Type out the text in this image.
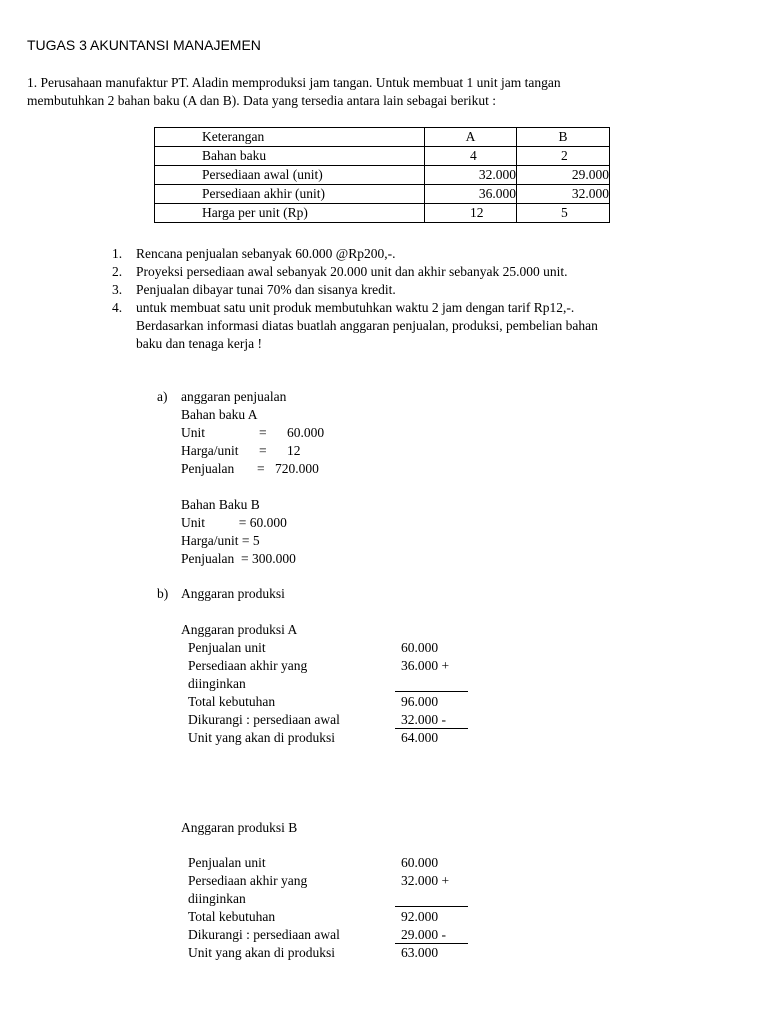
TUGAS 3 AKUNTANSI MANAJEMEN
1. Perusahaan manufaktur PT. Aladin memproduksi jam tangan. Untuk membuat 1 unit jam tangan
membutuhkan 2 bahan baku (A dan B). Data yang tersedia antara lain sebagai berikut :
Keterangan	A	B
Bahan baku	4	2
Persediaan awal (unit)	32.000	29.000
Persediaan akhir (unit)	36.000	32.000
Harga per unit (Rp)	12	5
1. Rencana penjualan sebanyak 60.000 @Rp200,-.
2. Proyeksi persediaan awal sebanyak 20.000 unit dan akhir sebanyak 25.000 unit.
3. Penjualan dibayar tunai 70% dan sisanya kredit.
4. untuk membuat satu unit produk membutuhkan waktu 2 jam dengan tarif Rp12,-.
Berdasarkan informasi diatas buatlah anggaran penjualan, produksi, pembelian bahan
baku dan tenaga kerja !
a) anggaran penjualan
Bahan baku A
Unit	= 60.000
Harga/unit = 12
Penjualan = 720.000
Bahan Baku B
Unit          = 60.000
Harga/unit = 5
Penjualan  = 300.000
b) Anggaran produksi
Anggaran produksi A
Penjualan unit	60.000
Persediaan akhir yang	36.000 +
diinginkan
Total kebutuhan	96.000
Dikurangi : persediaan awal	32.000 -
Unit yang akan di produksi	64.000
Anggaran produksi B
Penjualan unit	60.000
Persediaan akhir yang	32.000 +
diinginkan
Total kebutuhan	92.000
Dikurangi : persediaan awal	29.000 -
Unit yang akan di produksi	63.000
